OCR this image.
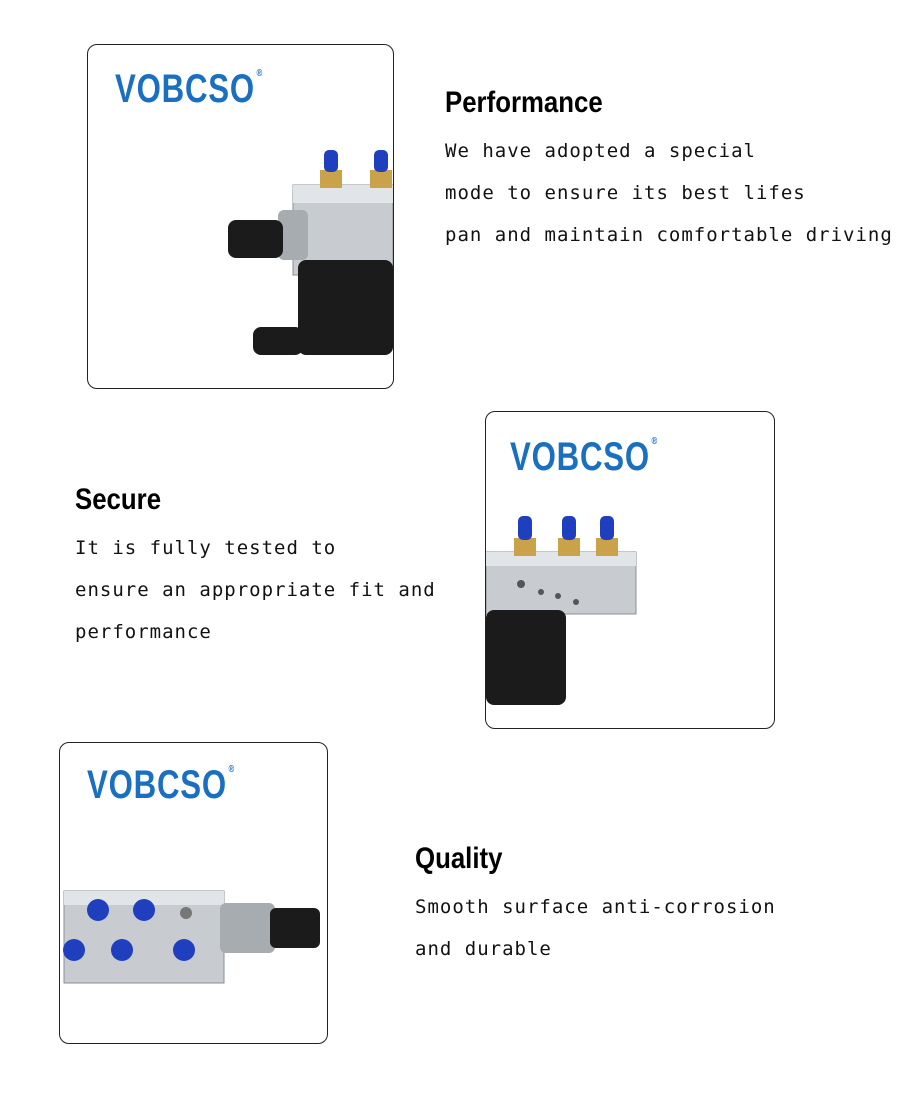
VOBCSO ®
Performance
We have adopted a special
mode to ensure its best lifes
pan and maintain comfortable driving
VOBCSO ®
Secure
It is fully tested to
ensure an appropriate fit and
performance
VOBCSO ®
Quality
Smooth surface anti-corrosion
and durable
